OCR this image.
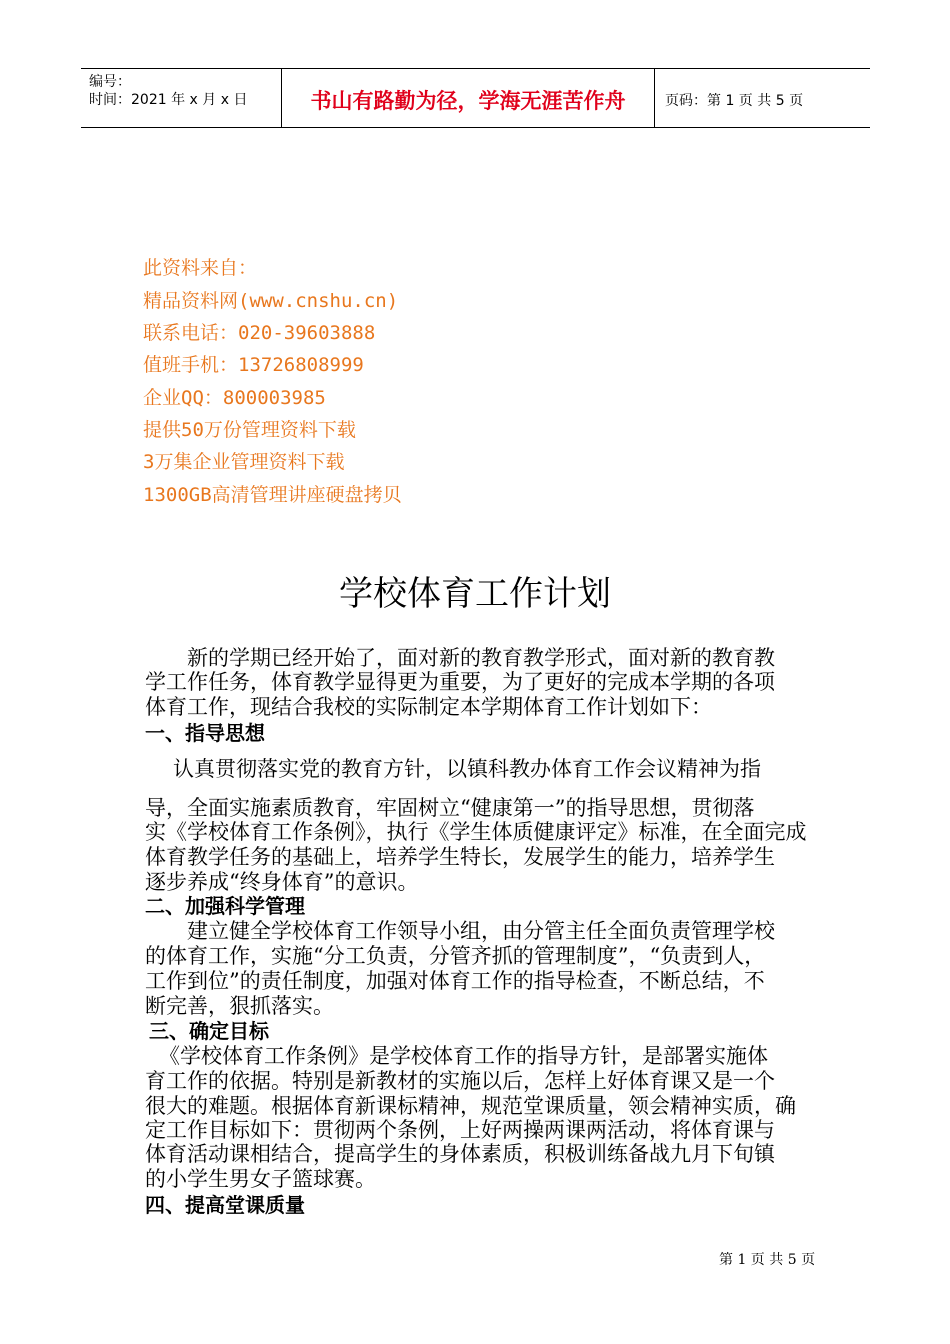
编号：
时间：2021 年 x 月 x 日	书山有路勤为径，学海无涯苦作舟	页码：第 1 页 共 5 页
此资料来自：
精品资料网(www.cnshu.cn)
联系电话：020-39603888
值班手机：13726808999
企业QQ：800003985
提供50万份管理资料下载
3万集企业管理资料下载
1300GB高清管理讲座硬盘拷贝
学校体育工作计划
新的学期已经开始了，面对新的教育教学形式，面对新的教育教
学工作任务，体育教学显得更为重要，为了更好的完成本学期的各项
体育工作，现结合我校的实际制定本学期体育工作计划如下：
一、指导思想
认真贯彻落实党的教育方针，以镇科教办体育工作会议精神为指
导，全面实施素质教育，牢固树立“健康第一”的指导思想，贯彻落
实《学校体育工作条例》，执行《学生体质健康评定》标准，在全面完成
体育教学任务的基础上，培养学生特长，发展学生的能力，培养学生
逐步养成“终身体育”的意识。
二、加强科学管理
建立健全学校体育工作领导小组，由分管主任全面负责管理学校
的体育工作，实施“分工负责，分管齐抓的管理制度”，“负责到人，
工作到位”的责任制度，加强对体育工作的指导检查，不断总结，不
断完善，狠抓落实。
三、确定目标
《学校体育工作条例》是学校体育工作的指导方针，是部署实施体
育工作的依据。特别是新教材的实施以后，怎样上好体育课又是一个
很大的难题。根据体育新课标精神，规范堂课质量，领会精神实质，确
定工作目标如下：贯彻两个条例，上好两操两课两活动，将体育课与
体育活动课相结合，提高学生的身体素质，积极训练备战九月下旬镇
的小学生男女子篮球赛。
四、提高堂课质量
第 1 页 共 5 页
